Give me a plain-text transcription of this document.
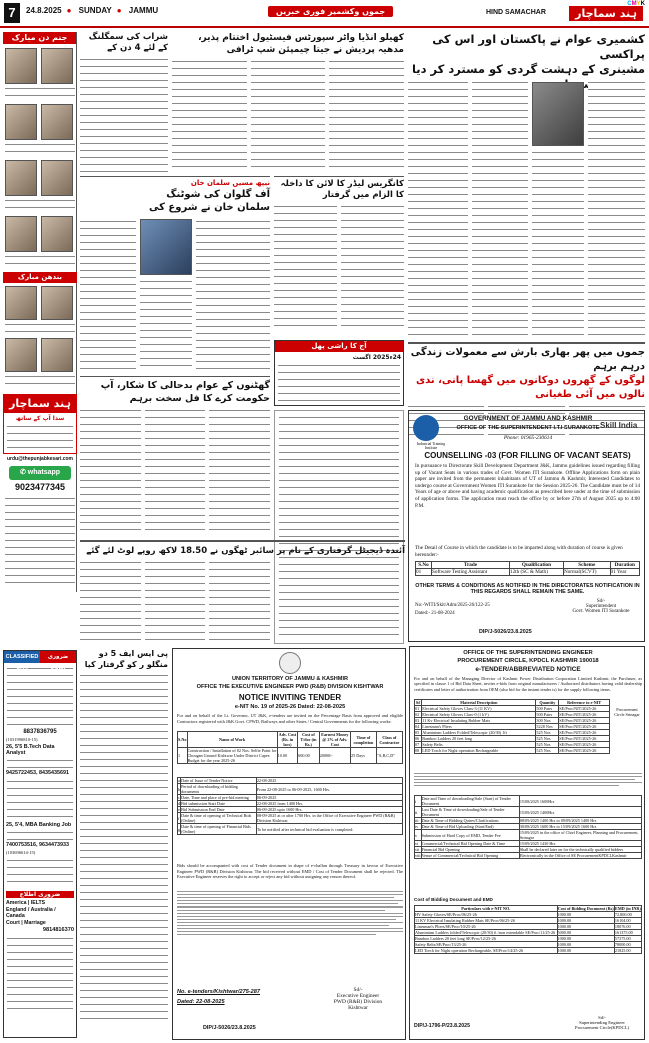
7	24.8.2025 ● SUNDAY ● JAMMU	جموں وکشمیر فوری خبریں	HIND SAMACHAR	ہند سماچار
CMYK
جنم دن مبارک
بندھن مبارک
ہند سماچار
سدا آپ کے ساتھ
urdu@thepunjabkesari.com
✆ whatsapp
9023477345
CLASSIFIED ADS
ضروری اطلاع
8837836795
(1031996810-15)
26, 5'5 B.Tech Data Analyst
9425722453, 8435435691
25, 5'4, MBA Banking Job
7400753516, 9634473933
(103696614-15)
ضروری اطلاع
America | IELTS
England / Australia / Canada
Court | Marriage
9814816370
شراب کی سمگلنگ کے لئے 4 دن کے
کھیلو انڈیا واٹر سپورٹس فیسٹیول اختتام پذیر، مدھیہ پردیش نے جیتا چیمپئن شپ ٹرافی
کشمیری عوام نے پاکستان اور اس کی پراکسی
مشینری کے دہشت گردی کو مسترد کر دیا
نیپھ مسیں سلمان خان
آف گلوان کی شوٹنگ
سلمان خان نے شروع کی
کانگریس لیڈر کا لائن کا داخلہ کا الزام میں گرفتار
آج کا راشی پھل
24ء2025 اگست جموں میں پھر بھاری بارش سے معمولات زندگی درہم برہم
لوگوں کے گھروں دوکانوں میں گھسا پانی، ندی نالوں میں آئی طغیانی
گھٹنوں کے عوام بدحالی کا شکار، آپ
حکومت کرے کا فل سخت برہم
Industrial Training Institute
Skill India
GOVERNMENT OF JAMMU AND KASHMIR
OFFICE OF THE SUPERINTENDENT I.T.I SURANKOTE
Phone: 01965-230614
COUNSELLING -03 (FOR FILLING OF VACANT SEATS)
In pursuance to Directorate Skill Development Department J&K, Jammu guidelines issued regarding filling up of Vacant Seats in various trades of Govt. Women ITI Surankote. Offline Applications form on plain paper are invited from the permanent inhabitants of UT of Jammu & Kashmir, Interested Candidates to undergo course at Government Women ITI Surankote for the Session 2025-26. The Candidate must be of 14 Years of age or above and having academic qualification as prescribed here under at the time of submission of application forms. The application must reach the office by or before 27th of August 2025 up to 4:00 P.M.
The Detail of Course in which the candidate is to be imparted along with duration of course is given hereunder:-
S.No	Trade	Qualification	Scheme	Duration
01	Software Testing Assistant	12th (SC & Math)	Normal(SCVT)	01 Year
OTHER TERMS & CONDITIONS AS NOTIFIED IN THE DIRECTORATES NOTIFICATION IN THIS REGARDS SHALL REMAIN THE SAME.
No:-WITI/Skit/Adm/2025-26/122-25
Dated:- 21-08-2024
DIP/J-5026/23.8.2025
Sd/-
Superintendent
Govt. Women ITI Surankote
آئندہ ڈیجیٹل گرفتاری کے نام پر سائبر ٹھگوں نے 18.50 لاکھ روپے لوٹ لئے گئے
UNION TERRITORY OF JAMMU & KASHMIR
OFFICE THE EXECUTIVE ENGINEER PWD (R&B) DIVISION KISHTWAR
NOTICE INVITING TENDER
e-NIT No. 19 of 2025-26 Dated: 22-08-2025
For and on behalf of the Lt. Governor, UT J&K, e-tenders are invited on the Percentage Basis from approved and eligible Contractors registered with J&K Govt. CPWD, Railways and other States / Central Governments for the following works:
S.No	Name of Work	Adv. Cost (Rs. in lacs)	Cost of T/doc (in Rs.)	Earnest Money @ 2% of Adv. Cost	Time of completion	Class of Contractor
1	Construction / Installation of 02 Nos. Selfie Point for Chougan Ground Kishtwar Under District Capex Budget for the year 2025-26	10.00	600.00	20000/-	25 Days	"A,B,C,D"
a	Date of Issue of Tender Notice	22-08-2025
b	Period of downloading of bidding documents	From 22-08-2025 to 06-09-2025, 1600 Hrs.
c	Date, Time and place of pre-bid meeting	06-09-2025
d	Bid submission Start Date	22-08-2025 from 1400 Hrs.
e	Bid Submission End Date	06-09-2025 upto 1600 Hrs.
f	Date & time of opening of Technical Bids (Online)	08-09-2025 at or after 1700 Hrs. in the Office of Executive Engineer PWD (R&B) Division Kishtwar.
g	Date & time of opening of Financial Bids (Online)	To be notified after technical bid evaluation is completed.
Bids should be accompanied with cost of Tender document in shape of e-challan through Treasury in favour of Executive Engineer PWD (R&B) Division Kishtwar. The bid received without EMD / Cost of Tender Document shall be rejected. The Executive Engineer reserves the right to accept or reject any bid without assigning any reason thereof.
No. e-tenders/Kishtwar/275-287
Dated: 22-08-2025
DIP/J-5026/23.8.2025
Sd/-
Executive Engineer
PWD (R&B) Division
Kishtwar
پی ایس ایف 5 دو منگلو ر کو گرفتار کیا
OFFICE OF THE SUPERINTENDING ENGINEER
PROCUREMENT CIRCLE, KPDCL KASHMIR 190018
e-TENDER/ABBREVIATED NOTICE
For and on behalf of the Managing Director of Kashmir Power Distribution Corporation Limited Kashmir, the Purchaser, as specified in clause 1 of Bid Data Sheet, invites e-bids from original manufacturers / Authorized distributors having valid dealership certificates and letter of authorization from OEM (also bid for the instant tender is) for the supply following items.
S#	Material Description	Quantity	Reference to e-NIT
01	Electrical Safety Gloves Class-3 (11 KV)	500 Pairs	SE/Proc/NIT/2025-26
02	Electrical Safety Gloves Class-0 (1 kV)	500 Pairs	SE/Proc/NIT/2025-26
03	11 Kv Electrical Insulating Rubber Mats	300 Nos	SE/Proc/NIT/2025-26
04	Linesman's Pliers	5228 Nos	SE/Proc/NIT/2025-26
05	Aluminium Ladders Folded/Telescopic (20/30) 1ft	525 Nos	SE/Proc/NIT/2025-26
06	Bamboo Ladders 20 feet long	525 Nos	SE/Proc/NIT/2025-26
07	Safety Belts	525 Nos	SE/Proc/NIT/2025-26
08	LED Torch for Night operation Rechargeable	525 Nos	SE/Proc/NIT/2025-26
Procurement Circle Srinagar
i	Date and Time of downloading/Sale (Start) of Tender Document	15/08/2025 1600Hrs
ii	Last Date & Time of downloading/Sale of Tender Document	15/09/2025 1400Hrs
iii	Date & Time of Bidding Quires/Clarifications	08/09/2025 1400 Hrs to 09/09/2025 1400 Hrs
iv	Date & Time of Bid Uploading (Start/End)	30/08/2025 1600 Hrs to 15/09/2025 1600 Hrs
v	Submission of Hard Copy of EMD, Tender Fee	15/09/2025 in the office of Chief Engineer, Planning and Procurement, Srinagar
vi	Commercial/Technical Bid Opening Date & Time	15/09/2025 1430 Hrs
vii	Financial Bid Opening	Shall be declared later on for the technically qualified bidders
viii	Venue of Commercial/Technical Bid Opening	Electronically in the Office of SE ProcurementKPDCLKashmir
Cost of Bidding Document and EMD
Particulars with e-NIT NO.	Cost of Bidding Document (Rs)	EMD (in INR)
HV Safety Gloves/SE/Proc/06/25-26	1000.00	72,800.00
11 KV Electrical Insulating Rubber Mats SE/Proc/06/25-26	1000.00	16104.00
Linesman's Pliers/SE/Proc/10/25-26	1000.00	18076.00
Aluminium Ladders folded/Telescopic (20/30) ft /non extendable SE/Proc/11/25-26	5000.00	161375.00
Bamboo Ladders 20 feet long SE/Proc/12/25-26	1000.00	57375.00
Safety Belts/SE/Proc/13/25-26	1000.00	78000.00
LED Torch for Night operation Rechargeable, SE/Proc/14/25-26	1000.00	21825.00
DIP/J-1796-P/23.8.2025
Sd/-
Superintending Engineer
Procurement Circle(KPDCL)
